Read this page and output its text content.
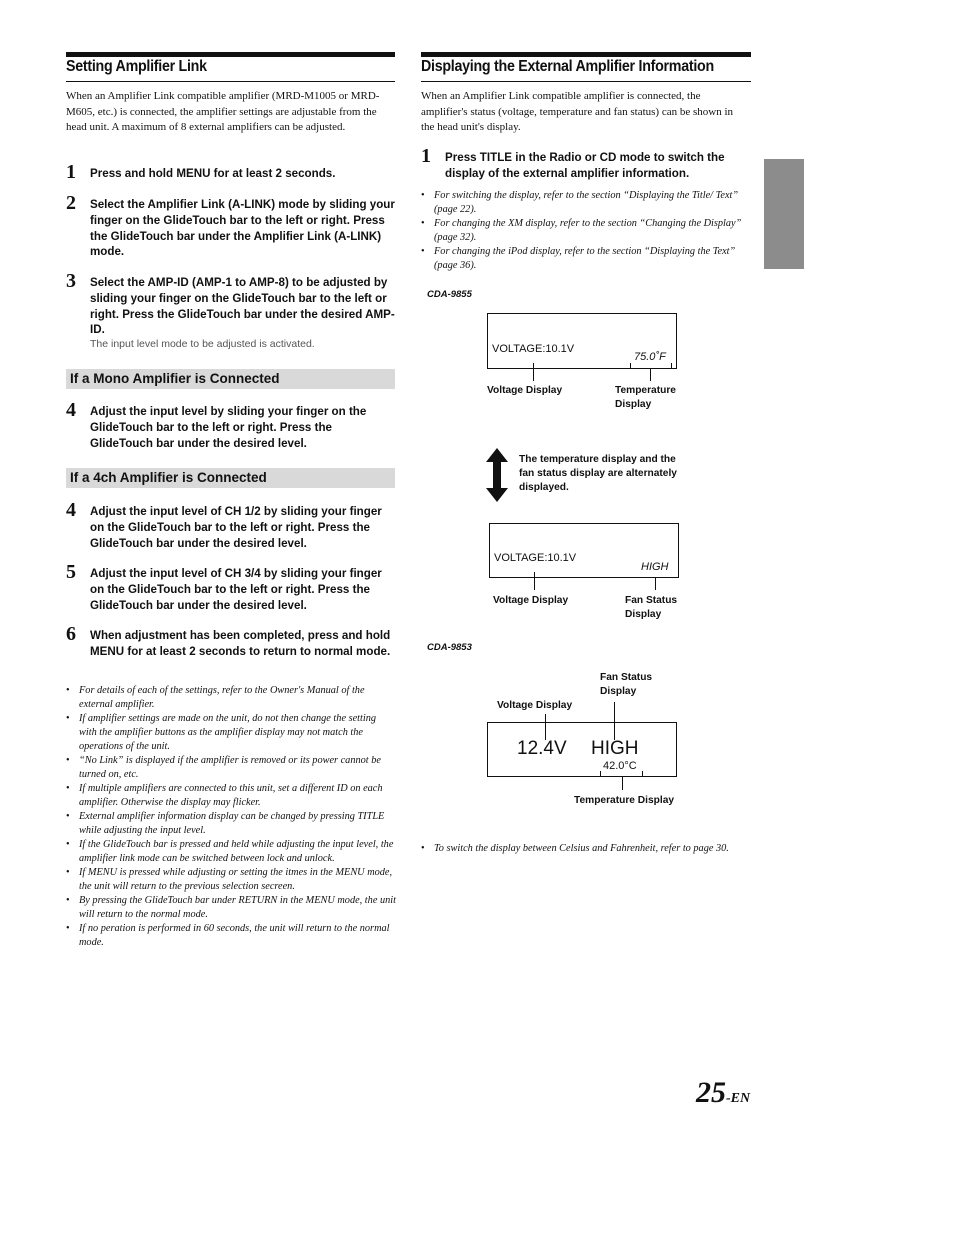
Setting Amplifier Link
When an Amplifier Link compatible amplifier (MRD-M1005 or MRD-M605, etc.) is connected, the amplifier settings are adjustable from the head unit. A maximum of 8 external amplifiers can be adjusted.
1 Press and hold MENU for at least 2 seconds.
2 Select the Amplifier Link (A-LINK) mode by sliding your finger on the GlideTouch bar to the left or right. Press the GlideTouch bar under the Amplifier Link (A-LINK) mode.
3 Select the AMP-ID (AMP-1 to AMP-8) to be adjusted by sliding your finger on the GlideTouch bar to the left or right. Press the GlideTouch bar under the desired AMP-ID.
The input level mode to be adjusted is activated.
If a Mono Amplifier is Connected
4 Adjust the input level by sliding your finger on the GlideTouch bar to the left or right. Press the GlideTouch bar under the desired level.
If a 4ch Amplifier is Connected
4 Adjust the input level of CH 1/2 by sliding your finger on the GlideTouch bar to the left or right. Press the GlideTouch bar under the desired level.
5 Adjust the input level of CH 3/4 by sliding your finger on the GlideTouch bar to the left or right. Press the GlideTouch bar under the desired level.
6 When adjustment has been completed, press and hold MENU for at least 2 seconds to return to normal mode.
• For details of each of the settings, refer to the Owner's Manual of the external amplifier.
• If amplifier settings are made on the unit, do not then change the setting with the amplifier buttons as the amplifier display may not match the operations of the unit.
• “No Link” is displayed if the amplifier is removed or its power cannot be turned on, etc.
• If multiple amplifiers are connected to this unit, set a different ID on each amplifier. Otherwise the display may flicker.
• External amplifier information display can be changed by pressing TITLE while adjusting the input level.
• If the GlideTouch bar is pressed and held while adjusting the input level, the amplifier link mode can be switched between lock and unlock.
• If MENU is pressed while adjusting or setting the itmes in the MENU mode, the unit will return to the previous selection secreen.
• By pressing the GlideTouch bar under RETURN in the MENU mode, the unit will return to the normal mode.
• If no peration is performed in 60 seconds, the unit will return to the normal mode.
Displaying the External Amplifier Information
When an Amplifier Link compatible amplifier is connected, the amplifier's status (voltage, temperature and fan status) can be shown in the head unit's display.
1 Press TITLE in the Radio or CD mode to switch the display of the external amplifier information.
• For switching the display, refer to the section “Displaying the Title/ Text” (page 22).
• For changing the XM display, refer to the section “Changing the Display” (page 32).
• For changing the iPod display, refer to the section “Displaying the Text” (page 36).
CDA-9855
VOLTAGE:10.1V
75.0˚F
Voltage Display	Temperature Display
The temperature display and the fan status display are alternately displayed.
VOLTAGE:10.1V
HIGH
Voltage Display	Fan Status Display
CDA-9853
Fan Status Display
Voltage Display
12.4V HIGH
42.0°C
Temperature Display
• To switch the display between Celsius and Fahrenheit, refer to page 30.
25-EN
